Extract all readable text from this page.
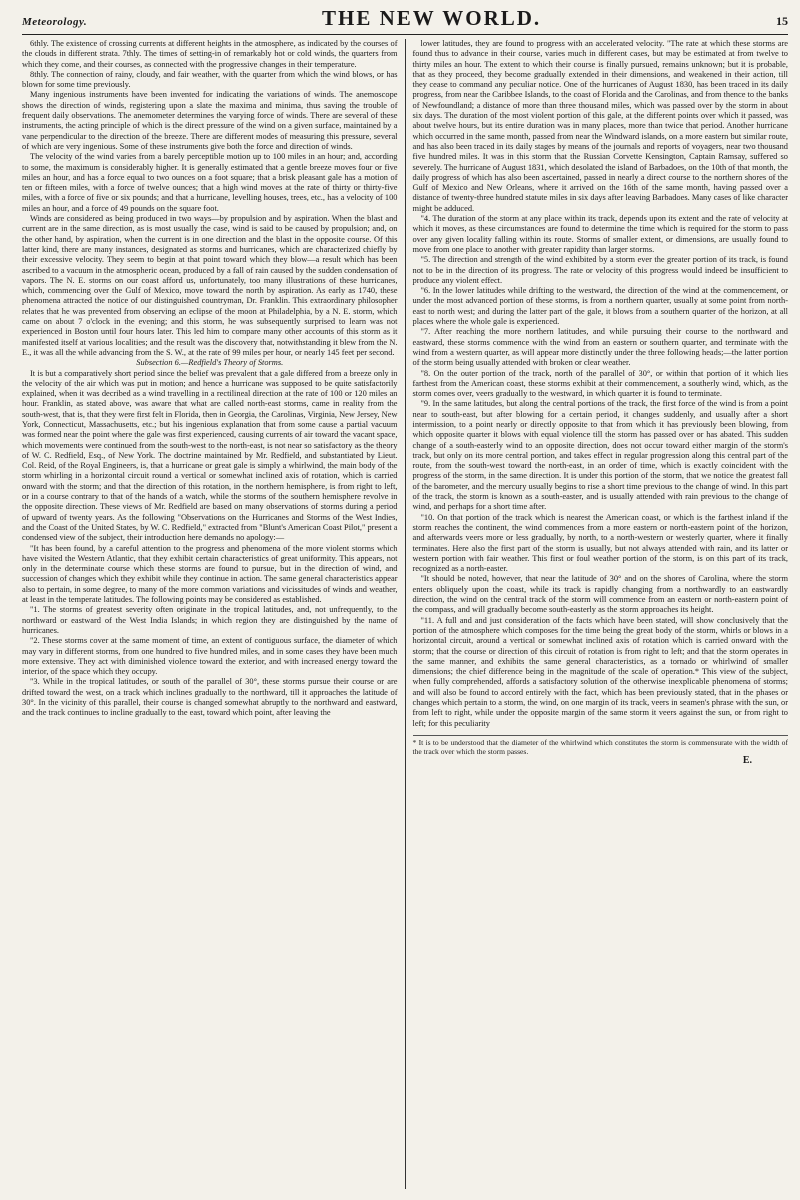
Meteorology.	THE NEW WORLD.	15

6thly. The existence of crossing currents at different heights in the atmosphere, as indicated by the courses of the clouds in different strata. 7thly. The times of setting-in of remarkably hot or cold winds, the quarters from which they come, and their courses, as connected with the progressive changes in their temperature.

8thly. The connection of rainy, cloudy, and fair weather, with the quarter from which the wind blows, or has blown for some time previously.

Many ingenious instruments have been invented for indicating the variations of winds. The anemoscope shows the direction of winds, registering upon a slate the maxima and minima, thus saving the trouble of frequent daily observations. The anemometer determines the varying force of winds. There are several of these instruments, the acting principle of which is the direct pressure of the wind on a given surface, maintained by a vane perpendicular to the direction of the breeze. There are different modes of measuring this pressure, several of which are very ingenious. Some of these instruments give both the force and direction of winds.

The velocity of the wind varies from a barely perceptible motion up to 100 miles in an hour; and, according to some, the maximum is considerably higher. It is generally estimated that a gentle breeze moves four or five miles an hour, and has a force equal to two ounces on a foot square; that a brisk pleasant gale has a motion of ten or fifteen miles, with a force of twelve ounces; that a high wind moves at the rate of thirty or thirty-five miles, with a force of five or six pounds; and that a hurricane, levelling houses, trees, etc., has a velocity of 100 miles an hour, and a force of 49 pounds on the square foot.

Winds are considered as being produced in two ways—by propulsion and by aspiration. When the blast and current are in the same direction, as is most usually the case, wind is said to be caused by propulsion; and, on the other hand, by aspiration, when the current is in one direction and the blast in the opposite course. Of this latter kind, there are many instances, designated as storms and hurricanes, which are characterized chiefly by their excessive velocity. They seem to begin at that point toward which they blow—a result which has been ascribed to a vacuum in the atmospheric ocean, produced by a fall of rain caused by the sudden condensation of vapors. The N. E. storms on our coast afford us, unfortunately, too many illustrations of these hurricanes, which, commencing over the Gulf of Mexico, move toward the north by aspiration. As early as 1740, these phenomena attracted the notice of our distinguished countryman, Dr. Franklin. This extraordinary philosopher relates that he was prevented from observing an eclipse of the moon at Philadelphia, by a N. E. storm, which came on about 7 o'clock in the evening; and this storm, he was subsequently surprised to learn was not experienced in Boston until four hours later. This led him to compare many other accounts of this storm as it manifested itself at various localities; and the result was the discovery that, notwithstanding it blew from the N. E., it was all the while advancing from the S. W., at the rate of 99 miles per hour, or nearly 145 feet per second.

Subsection 6.—Redfield's Theory of Storms.

It is but a comparatively short period since the belief was prevalent that a gale differed from a breeze only in the velocity of the air which was put in motion; and hence a hurricane was supposed to be quite satisfactorily explained, when it was decribed as a wind travelling in a rectilineal direction at the rate of 100 or 120 miles an hour. Franklin, as stated above, was aware that what are called north-east storms, came in reality from the south-west, that is, that they were first felt in Florida, then in Georgia, the Carolinas, Virginia, New Jersey, New York, Connecticut, Massachusetts, etc.; but his ingenious explanation that from some cause a partial vacuum was formed near the point where the gale was first experienced, causing currents of air toward the vacant space, which movements were continued from the south-west to the north-east, is not near so satisfactory as the theory of W. C. Redfield, Esq., of New York. The doctrine maintained by Mr. Redfield, and substantiated by Lieut. Col. Reid, of the Royal Engineers, is, that a hurricane or great gale is simply a whirlwind, the main body of the storm whirling in a horizontal circuit round a vertical or somewhat inclined axis of rotation, which is carried onward with the storm; and that the direction of this rotation, in the northern hemisphere, is from right to left, or in a course contrary to that of the hands of a watch, while the storms of the southern hemisphere revolve in the opposite direction. These views of Mr. Redfield are based on many observations of storms during a period of upward of twenty years. As the following "Observations on the Hurricanes and Storms of the West Indies, and the Coast of the United States, by W. C. Redfield," extracted from "Blunt's American Coast Pilot," present a condensed view of the subject, their introduction here demands no apology:—

"It has been found, by a careful attention to the progress and phenomena of the more violent storms which have visited the Western Atlantic, that they exhibit certain characteristics of great uniformity. This appears, not only in the determinate course which these storms are found to pursue, but in the direction of wind, and succession of changes which they exhibit while they continue in action. The same general characteristics appear also to pertain, in some degree, to many of the more common variations and vicissitudes of winds and weather, at least in the temperate latitudes. The following points may be considered as established.

"1. The storms of greatest severity often originate in the tropical latitudes, and, not unfrequently, to the northward or eastward of the West India Islands; in which region they are distinguished by the name of hurricanes.

"2. These storms cover at the same moment of time, an extent of contiguous surface, the diameter of which may vary in different storms, from one hundred to five hundred miles, and in some cases they have been much more extensive. They act with diminished violence toward the exterior, and with increased energy toward the interior, of the space which they occupy.

"3. While in the tropical latitudes, or south of the parallel of 30°, these storms pursue their course or are drifted toward the west, on a track which inclines gradually to the northward, till it approaches the latitude of 30°. In the vicinity of this parallel, their course is changed somewhat abruptly to the northward and eastward, and the track continues to incline gradually to the east, toward which point, after leaving the

lower latitudes, they are found to progress with an accelerated velocity. "The rate at which these storms are found thus to advance in their course, varies much in different cases, but may be estimated at from twelve to thirty miles an hour. The extent to which their course is finally pursued, remains unknown; but it is probable, that as they proceed, they become gradually extended in their dimensions, and weakened in their action, till they cease to command any peculiar notice. One of the hurricanes of August 1830, has been traced in its daily progress, from near the Caribbee Islands, to the coast of Florida and the Carolinas, and from thence to the banks of Newfoundland; a distance of more than three thousand miles, which was passed over by the storm in about six days. The duration of the most violent portion of this gale, at the different points over which it passed, was about twelve hours, but its entire duration was in many places, more than twice that period. Another hurricane which occurred in the same month, passed from near the Windward islands, on a more eastern but similar route, and has also been traced in its daily stages by means of the journals and reports of voyagers, near two thousand five hundred miles. It was in this storm that the Russian Corvette Kensington, Captain Ramsay, suffered so severely. The hurricane of August 1831, which desolated the island of Barbadoes, on the 10th of that month, the daily progress of which has also been ascertained, passed in nearly a direct course to the northern shores of the Gulf of Mexico and New Orleans, where it arrived on the 16th of the same month, having passed over a distance of twenty-three hundred statute miles in six days after leaving Barbadoes. Many cases of like character might be adduced.

"4. The duration of the storm at any place within its track, depends upon its extent and the rate of velocity at which it moves, as these circumstances are found to determine the time which is required for the storm to pass over any given locality falling within its route. Storms of smaller extent, or dimensions, are usually found to move from one place to another with greater rapidity than larger storms.

"5. The direction and strength of the wind exhibited by a storm ever the greater portion of its track, is found not to be in the direction of its progress. The rate or velocity of this progress would indeed be insufficient to produce any violent effect.

"6. In the lower latitudes while drifting to the westward, the direction of the wind at the commencement, or under the most advanced portion of these storms, is from a northern quarter, usually at some point from north-east to north west; and during the latter part of the gale, it blows from a southern quarter of the horizon, at all places where the whole gale is experienced.

"7. After reaching the more northern latitudes, and while pursuing their course to the northward and eastward, these storms commence with the wind from an eastern or southern quarter, and terminate with the wind from a western quarter, as will appear more distinctly under the three following heads;—the latter portion of the storm being usually attended with broken or clear weather.

"8. On the outer portion of the track, north of the parallel of 30°, or within that portion of it which lies farthest from the American coast, these storms exhibit at their commencement, a southerly wind, which, as the storm comes over, veers gradually to the westward, in which quarter it is found to terminate.

"9. In the same latitudes, but along the central portions of the track, the first force of the wind is from a point near to south-east, but after blowing for a certain period, it changes suddenly, and usually after a short intermission, to a point nearly or directly opposite to that from which it has previously been blowing, from which opposite quarter it blows with equal violence till the storm has passed over or has abated. This sudden change of a south-easterly wind to an opposite direction, does not occur toward either margin of the storm's track, but only on its more central portion, and takes effect in regular progression along this central part of the route, from the south-west toward the north-east, in an order of time, which is exactly coincident with the progress of the storm, in the same direction. It is under this portion of the storm, that we notice the greatest fall of the barometer, and the mercury usually begins to rise a short time previous to the change of wind. In this part of the track, the storm is known as a south-easter, and is usually attended with rain previous to the change of wind, and perhaps for a short time after.

"10. On that portion of the track which is nearest the American coast, or which is the farthest inland if the storm reaches the continent, the wind commences from a more eastern or north-eastern point of the horizon, and afterwards veers more or less gradually, by north, to a north-western or westerly quarter, where it finally terminates. Here also the first part of the storm is usually, but not always attended with rain, and its latter or western portion with fair weather. This first or foul weather portion of the storm, is on this part of its track, recognized as a north-easter.

"It should be noted, however, that near the latitude of 30° and on the shores of Carolina, where the storm enters obliquely upon the coast, while its track is rapidly changing from a northwardly to an eastwardly direction, the wind on the central track of the storm will commence from an eastern or north-eastern point of the compass, and will gradually become south-easterly as the storm approaches its height.

"11. A full and and just consideration of the facts which have been stated, will show conclusively that the portion of the atmosphere which composes for the time being the great body of the storm, whirls or blows in a horizontal circuit, around a vertical or somewhat inclined axis of rotation which is carried onward with the storm; that the course or direction of this circuit of rotation is from right to left; and that the storm operates in the same manner, and exhibits the same general characteristics, as a tornado or whirlwind of smaller dimensions; the chief difference being in the magnitude of the scale of operation.* This view of the subject, when fully comprehended, affords a satisfactory solution of the otherwise inexplicable phenomena of storms; and will also be found to accord entirely with the fact, which has been previously stated, that in the phases or changes which pertain to a storm, the wind, on one margin of its track, veers in seamen's phrase with the sun, or from left to right, while under the opposite margin of the same storm it veers against the sun, or from right to left; for this peculiarity

* It is to be understood that the diameter of the whirlwind which constitutes the storm is commensurate with the width of the track over which the storm passes.
E.
